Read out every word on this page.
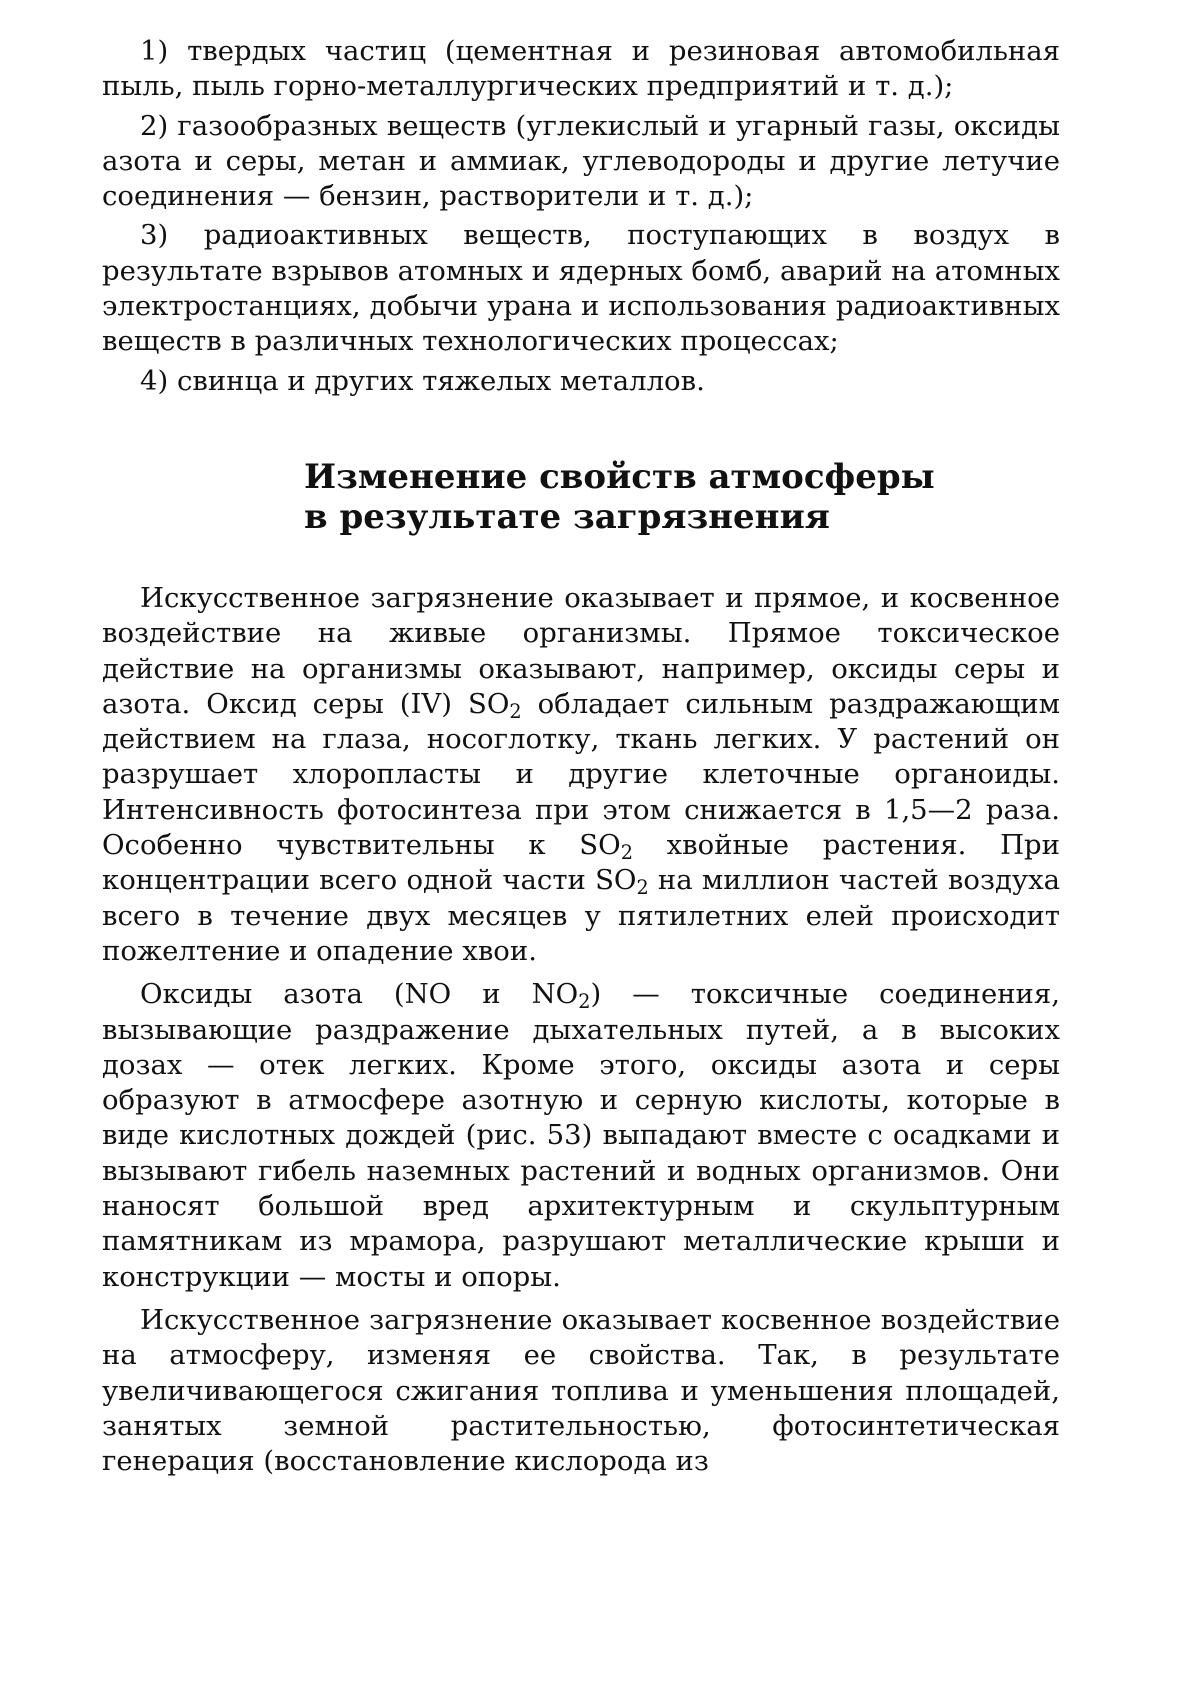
1) твердых частиц (цементная и резиновая автомобильная пыль, пыль горно-металлургических предприятий и т. д.);

2) газообразных веществ (углекислый и угарный газы, оксиды азота и серы, метан и аммиак, углеводороды и другие летучие соединения — бензин, растворители и т. д.);

3) радиоактивных веществ, поступающих в воздух в результате взрывов атомных и ядерных бомб, аварий на атомных электростанциях, добычи урана и использования радиоактивных веществ в различных технологических процессах;

4) свинца и других тяжелых металлов.

Изменение свойств атмосферы
в результате загрязнения

Искусственное загрязнение оказывает и прямое, и косвенное воздействие на живые организмы. Прямое токсическое действие на организмы оказывают, например, оксиды серы и азота. Оксид серы (IV) $SO_2$ обладает сильным раздражающим действием на глаза, носоглотку, ткань легких. У растений он разрушает хлоропласты и другие клеточные органоиды. Интенсивность фотосинтеза при этом снижается в 1,5—2 раза. Особенно чувствительны к $SO_2$ хвойные растения. При концентрации всего одной части $SO_2$ на миллион частей воздуха всего в течение двух месяцев у пятилетних елей происходит пожелтение и опадение хвои.

Оксиды азота (NO и $NO_2$) — токсичные соединения, вызывающие раздражение дыхательных путей, а в высоких дозах — отек легких. Кроме этого, оксиды азота и серы образуют в атмосфере азотную и серную кислоты, которые в виде кислотных дождей (рис. 53) выпадают вместе с осадками и вызывают гибель наземных растений и водных организмов. Они наносят большой вред архитектурным и скульптурным памятникам из мрамора, разрушают металлические крыши и конструкции — мосты и опоры.

Искусственное загрязнение оказывает косвенное воздействие на атмосферу, изменяя ее свойства. Так, в результате увеличивающегося сжигания топлива и уменьшения площадей, занятых земной растительностью, фотосинтетическая генерация (восстановление кислорода из
